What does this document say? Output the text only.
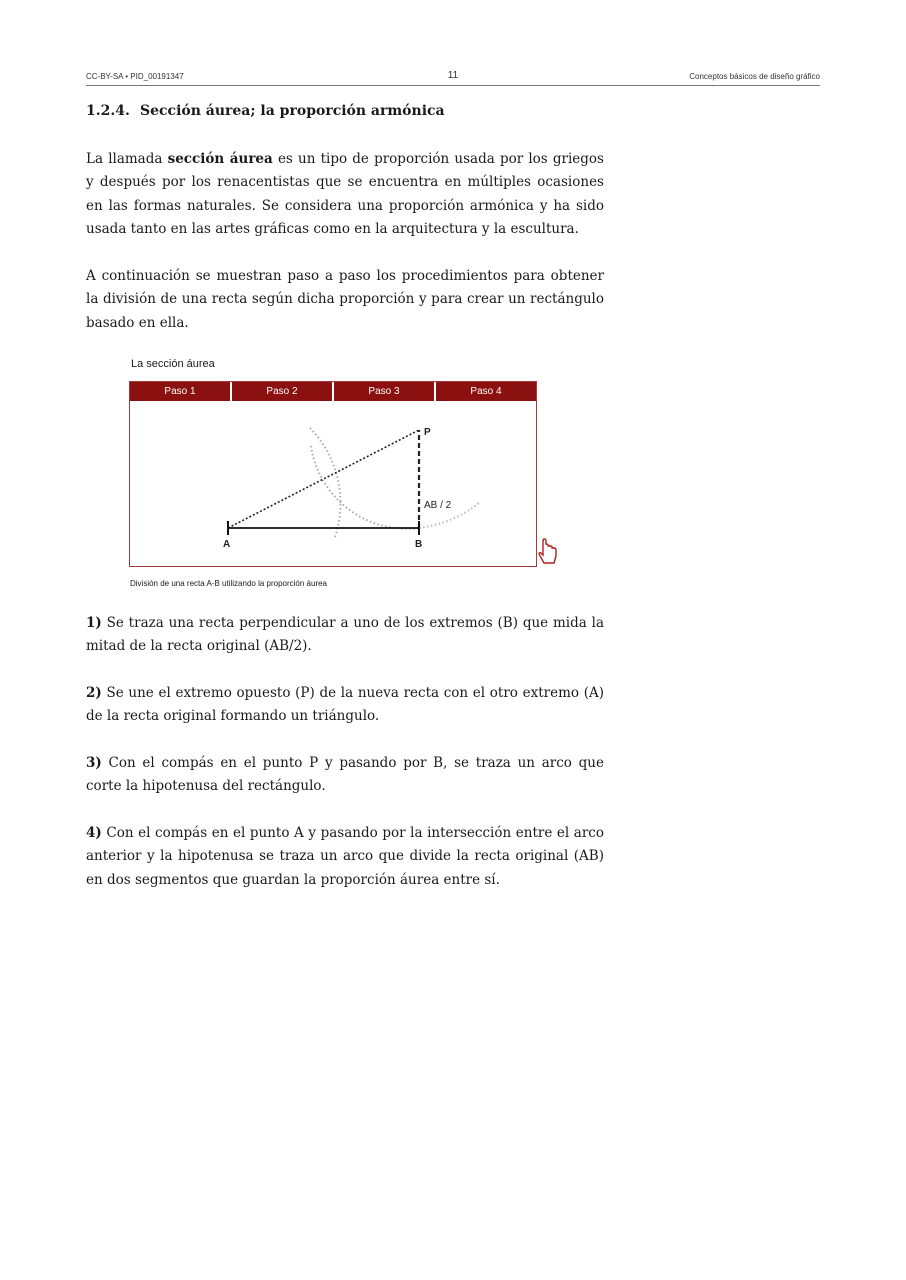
CC-BY-SA • PID_00191347	11	Conceptos básicos de diseño gráfico
1.2.4. Sección áurea; la proporción armónica

La llamada sección áurea es un tipo de proporción usada por los griegos y después por los renacentistas que se encuentra en múltiples ocasiones en las formas naturales. Se considera una proporción armónica y ha sido usada tanto en las artes gráficas como en la arquitectura y la escultura.

A continuación se muestran paso a paso los procedimientos para obtener la división de una recta según dicha proporción y para crear un rectángulo basado en ella.

La sección áurea
Paso 1	Paso 2	Paso 3	Paso 4
A	B
P
AB / 2
División de una recta A-B utilizando la proporción áurea

1) Se traza una recta perpendicular a uno de los extremos (B) que mida la mitad de la recta original (AB/2).

2) Se une el extremo opuesto (P) de la nueva recta con el otro extremo (A) de la recta original formando un triángulo.

3) Con el compás en el punto P y pasando por B, se traza un arco que corte la hipotenusa del rectángulo.

4) Con el compás en el punto A y pasando por la intersección entre el arco anterior y la hipotenusa se traza un arco que divide la recta original (AB) en dos segmentos que guardan la proporción áurea entre sí.
